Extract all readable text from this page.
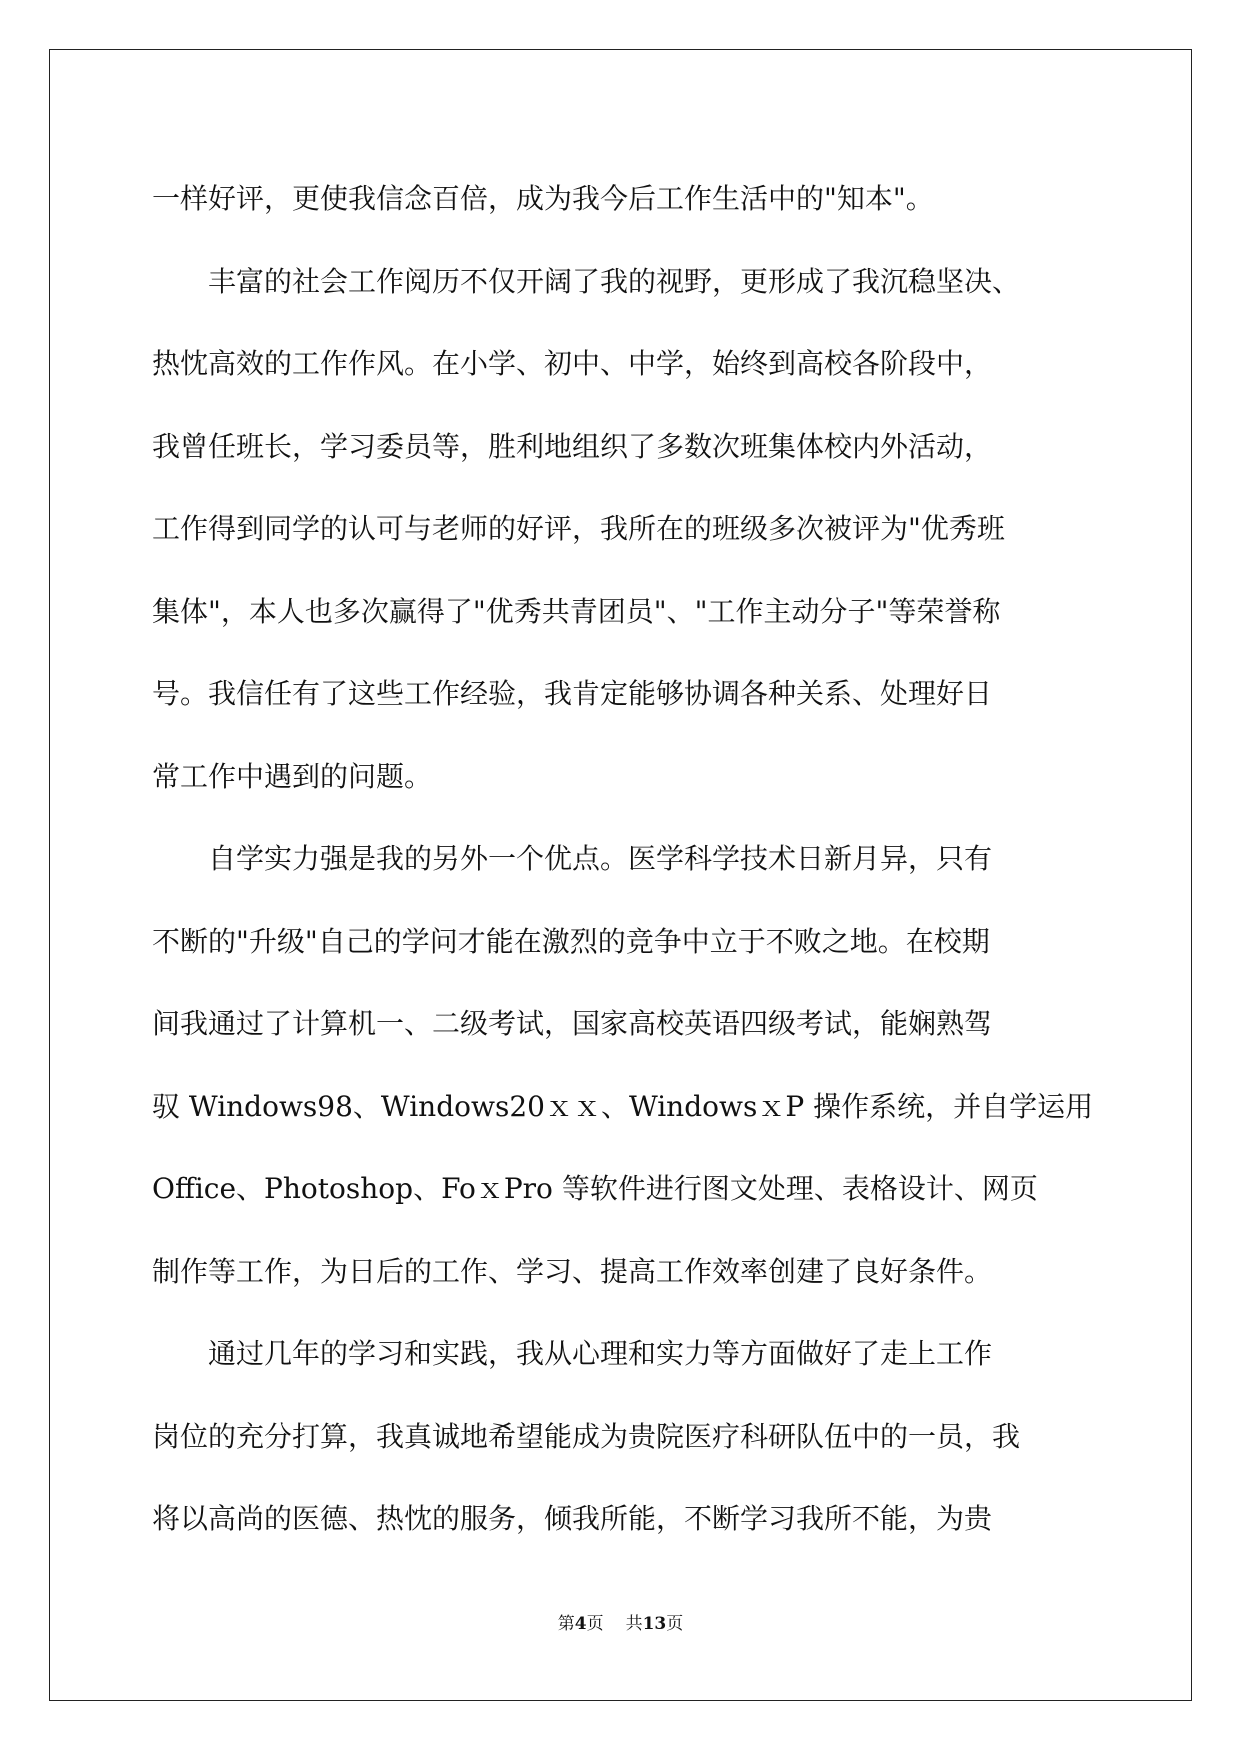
一样好评，更使我信念百倍，成为我今后工作生活中的"知本"。
　　丰富的社会工作阅历不仅开阔了我的视野，更形成了我沉稳坚决、
热忱高效的工作作风。在小学、初中、中学，始终到高校各阶段中，
我曾任班长，学习委员等，胜利地组织了多数次班集体校内外活动，
工作得到同学的认可与老师的好评，我所在的班级多次被评为"优秀班
集体"，本人也多次赢得了"优秀共青团员"、"工作主动分子"等荣誉称
号。我信任有了这些工作经验，我肯定能够协调各种关系、处理好日
常工作中遇到的问题。
　　自学实力强是我的另外一个优点。医学科学技术日新月异，只有
不断的"升级"自己的学问才能在激烈的竞争中立于不败之地。在校期
间我通过了计算机一、二级考试，国家高校英语四级考试，能娴熟驾
驭 Windows98、Windows20ｘｘ、WindowsｘP 操作系统，并自学运用
Office、Photoshop、FoｘPro 等软件进行图文处理、表格设计、网页
制作等工作，为日后的工作、学习、提高工作效率创建了良好条件。
　　通过几年的学习和实践，我从心理和实力等方面做好了走上工作
岗位的充分打算，我真诚地希望能成为贵院医疗科研队伍中的一员，我
将以高尚的医德、热忱的服务，倾我所能，不断学习我所不能，为贵
第4页 共13页
